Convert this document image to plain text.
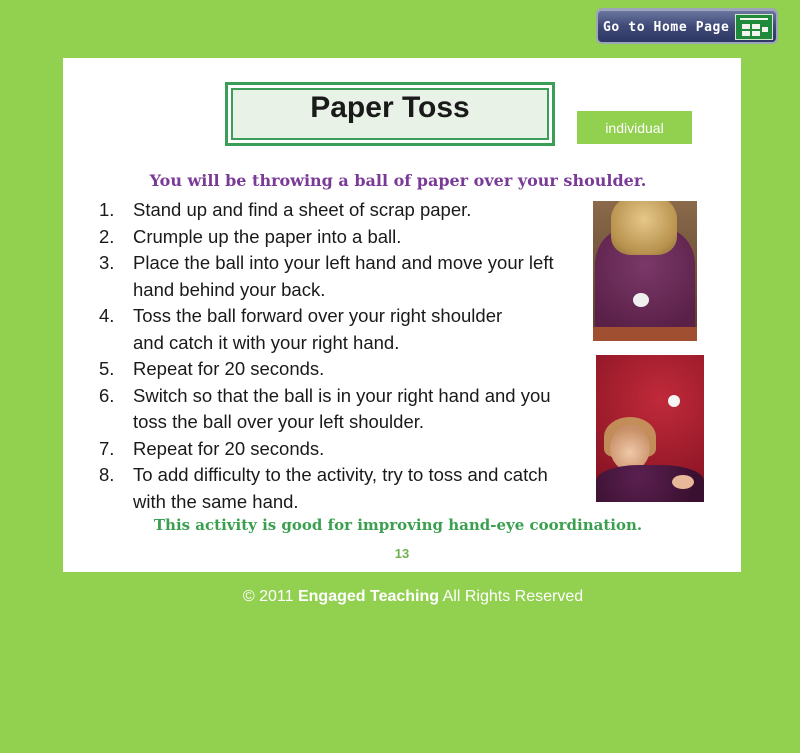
Go to Home Page
Paper Toss
individual
You will be throwing a ball of paper over your shoulder.
1. Stand up and find a sheet of scrap paper.
2. Crumple up the paper into a ball.
3. Place the ball into your left hand and move your left
hand behind your back.
4. Toss the ball forward over your right shoulder
and catch it with your right hand.
5. Repeat for 20 seconds.
6. Switch so that the ball is in your right hand and you
toss the ball over your left shoulder.
7. Repeat for 20 seconds.
8. To add difficulty to the activity, try to toss and catch
with the same hand.
This activity is good for improving hand-eye coordination.
13
© 2011 Engaged Teaching All Rights Reserved
